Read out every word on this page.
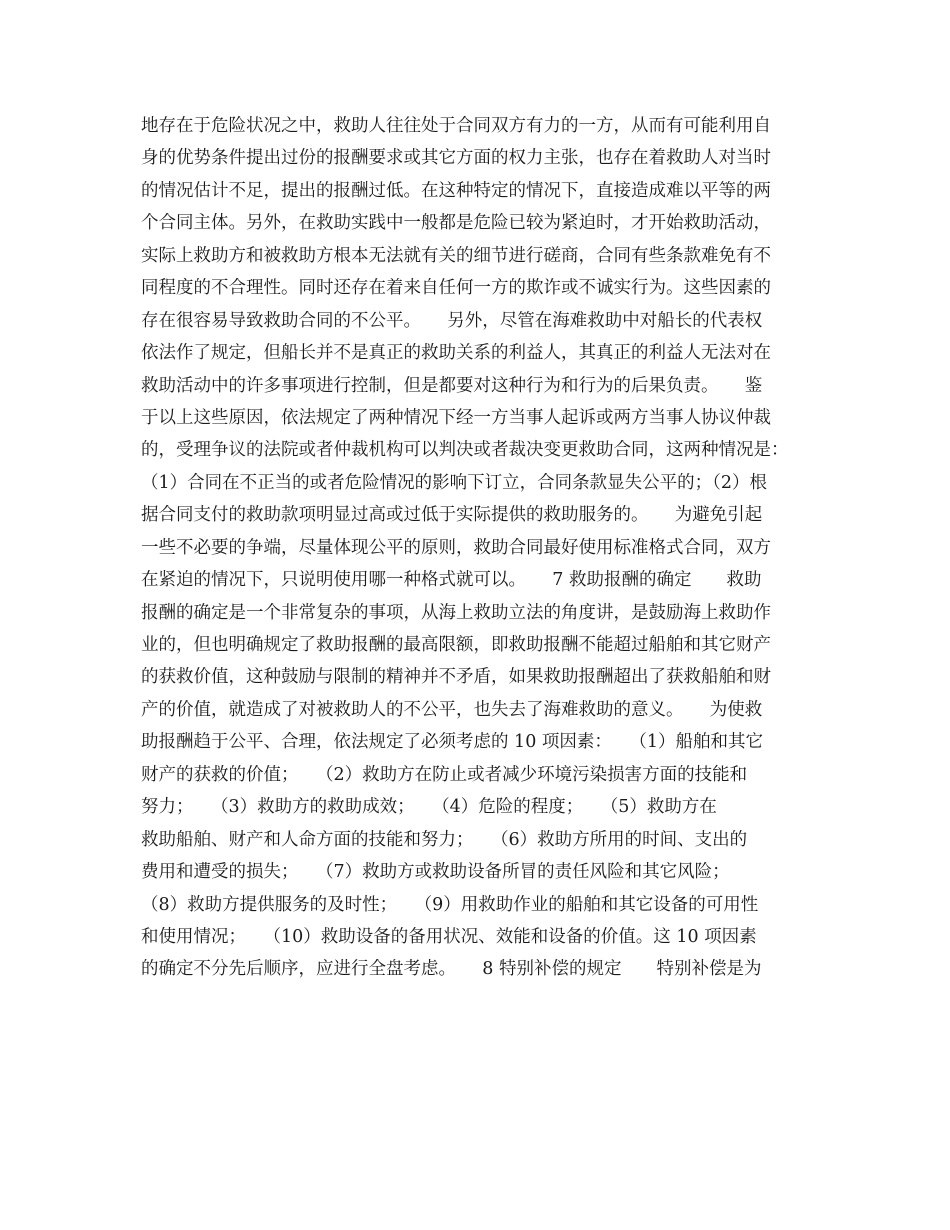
地存在于危险状况之中，救助人往往处于合同双方有力的一方，从而有可能利用自
身的优势条件提出过份的报酬要求或其它方面的权力主张，也存在着救助人对当时
的情况估计不足，提出的报酬过低。在这种特定的情况下，直接造成难以平等的两
个合同主体。另外，在救助实践中一般都是危险已较为紧迫时，才开始救助活动，
实际上救助方和被救助方根本无法就有关的细节进行磋商，合同有些条款难免有不
同程度的不合理性。同时还存在着来自任何一方的欺诈或不诚实行为。这些因素的
存在很容易导致救助合同的不公平。　　另外，尽管在海难救助中对船长的代表权
依法作了规定，但船长并不是真正的救助关系的利益人，其真正的利益人无法对在
救助活动中的许多事项进行控制，但是都要对这种行为和行为的后果负责。　　鉴
于以上这些原因，依法规定了两种情况下经一方当事人起诉或两方当事人协议仲裁
的，受理争议的法院或者仲裁机构可以判决或者裁决变更救助合同，这两种情况是：
（1）合同在不正当的或者危险情况的影响下订立，合同条款显失公平的；（2）根
据合同支付的救助款项明显过高或过低于实际提供的救助服务的。　　为避免引起
一些不必要的争端，尽量体现公平的原则，救助合同最好使用标准格式合同，双方
在紧迫的情况下，只说明使用哪一种格式就可以。　　7 救助报酬的确定　　救助
报酬的确定是一个非常复杂的事项，从海上救助立法的角度讲，是鼓励海上救助作
业的，但也明确规定了救助报酬的最高限额，即救助报酬不能超过船舶和其它财产
的获救价值，这种鼓励与限制的精神并不矛盾，如果救助报酬超出了获救船舶和财
产的价值，就造成了对被救助人的不公平，也失去了海难救助的意义。　　为使救
助报酬趋于公平、合理，依法规定了必须考虑的 10 项因素：　　（1）船舶和其它
财产的获救的价值；　　（2）救助方在防止或者减少环境污染损害方面的技能和
努力；　　（3）救助方的救助成效；　　（4）危险的程度；　　（5）救助方在
救助船舶、财产和人命方面的技能和努力；　　（6）救助方所用的时间、支出的
费用和遭受的损失；　　（7）救助方或救助设备所冒的责任风险和其它风险；
（8）救助方提供服务的及时性；　　（9）用救助作业的船舶和其它设备的可用性
和使用情况；　　（10）救助设备的备用状况、效能和设备的价值。这 10 项因素
的确定不分先后顺序，应进行全盘考虑。　　8 特别补偿的规定　　特别补偿是为
